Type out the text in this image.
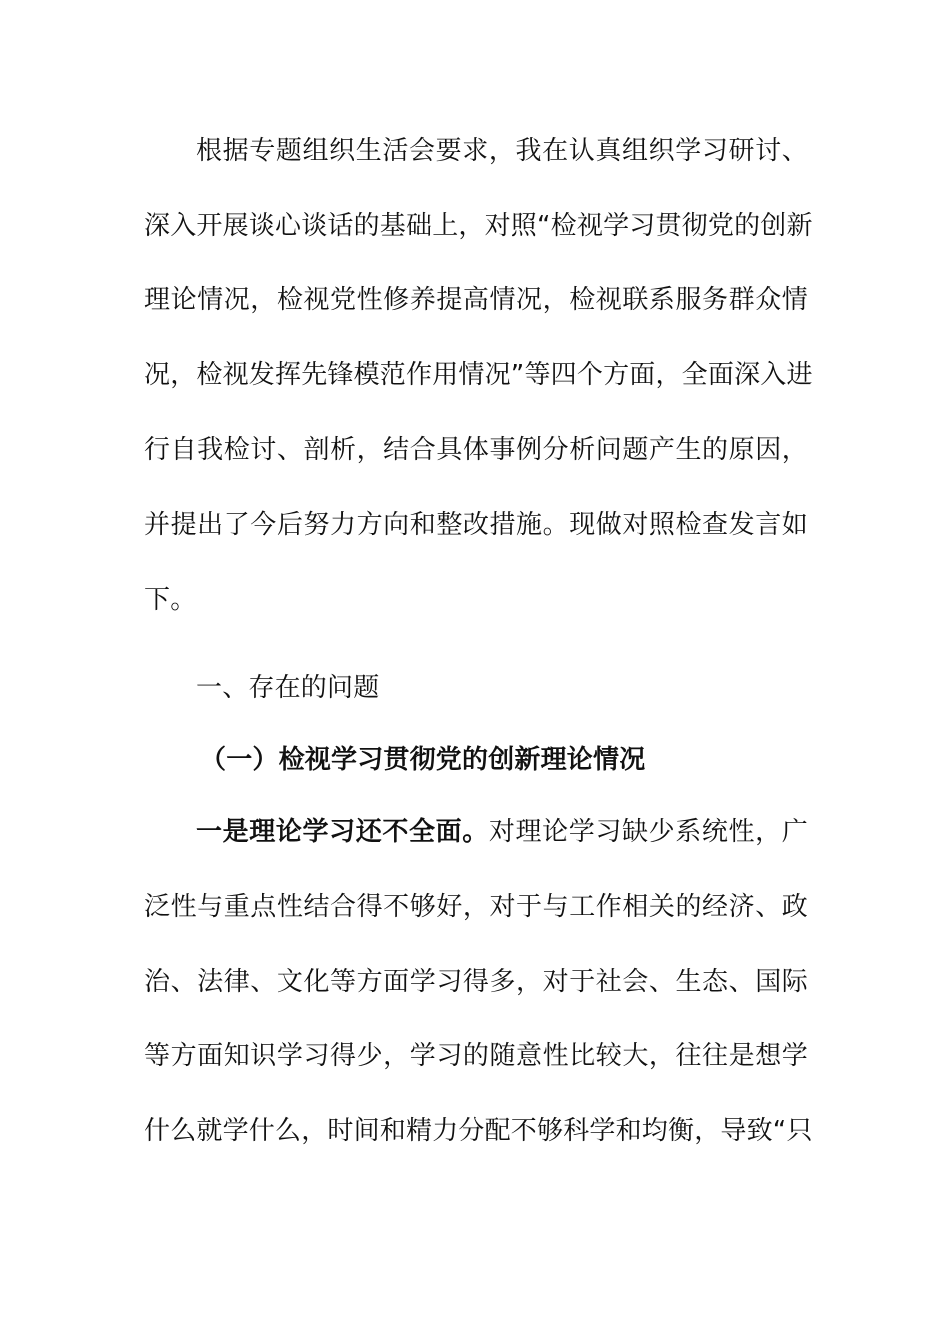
根据专题组织生活会要求，我在认真组织学习研讨、
深入开展谈心谈话的基础上，对照“检视学习贯彻党的创新
理论情况，检视党性修养提高情况，检视联系服务群众情
况，检视发挥先锋模范作用情况”等四个方面，全面深入进
行自我检讨、剖析，结合具体事例分析问题产生的原因，
并提出了今后努力方向和整改措施。现做对照检查发言如
下。
一、存在的问题
（一）检视学习贯彻党的创新理论情况
一是理论学习还不全面。对理论学习缺少系统性，广
泛性与重点性结合得不够好，对于与工作相关的经济、政
治、法律、文化等方面学习得多，对于社会、生态、国际
等方面知识学习得少，学习的随意性比较大，往往是想学
什么就学什么，时间和精力分配不够科学和均衡，导致“只
